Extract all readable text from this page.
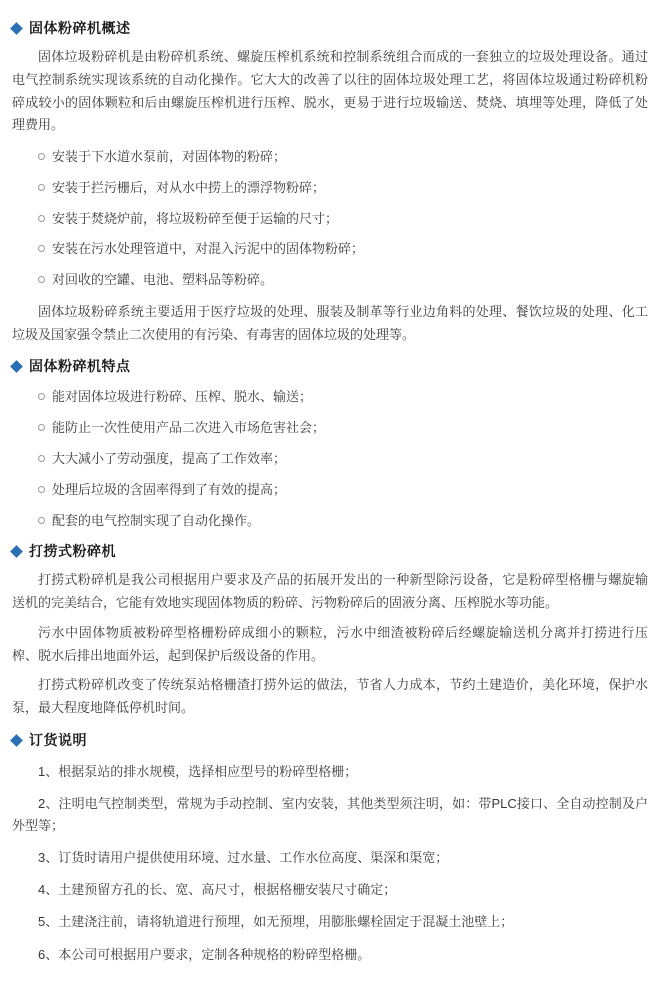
固体粉碎机概述

固体垃圾粉碎机是由粉碎机系统、螺旋压榨机系统和控制系统组合而成的一套独立的垃圾处理设备。通过电气控制系统实现该系统的自动化操作。它大大的改善了以往的固体垃圾处理工艺，将固体垃圾通过粉碎机粉碎成较小的固体颗粒和后由螺旋压榨机进行压榨、脱水，更易于进行垃圾输送、焚烧、填埋等处理，降低了处理费用。

安装于下水道水泵前，对固体物的粉碎；
安装于拦污栅后，对从水中捞上的漂浮物粉碎；
安装于焚烧炉前，将垃圾粉碎至便于运输的尺寸；
安装在污水处理管道中，对混入污泥中的固体物粉碎；
对回收的空罐、电池、塑料品等粉碎。

固体垃圾粉碎系统主要适用于医疗垃圾的处理、服装及制革等行业边角料的处理、餐饮垃圾的处理、化工垃圾及国家强令禁止二次使用的有污染、有毒害的固体垃圾的处理等。

固体粉碎机特点
能对固体垃圾进行粉碎、压榨、脱水、输送；
能防止一次性使用产品二次进入市场危害社会；
大大减小了劳动强度，提高了工作效率；
处理后垃圾的含固率得到了有效的提高；
配套的电气控制实现了自动化操作。
打捞式粉碎机

打捞式粉碎机是我公司根据用户要求及产品的拓展开发出的一种新型除污设备，它是粉碎型格栅与螺旋输送机的完美结合，它能有效地实现固体物质的粉碎、污物粉碎后的固液分离、压榨脱水等功能。

污水中固体物质被粉碎型格栅粉碎成细小的颗粒，污水中细渣被粉碎后经螺旋输送机分离并打捞进行压榨、脱水后排出地面外运，起到保护后级设备的作用。

打捞式粉碎机改变了传统泵站格栅渣打捞外运的做法，节省人力成本，节约土建造价，美化环境，保护水泵，最大程度地降低停机时间。

订货说明
1、根据泵站的排水规模，选择相应型号的粉碎型格栅；
2、注明电气控制类型，常规为手动控制、室内安装，其他类型须注明，如：带PLC接口、全自动控制及户外型等；
3、订货时请用户提供使用环境、过水量、工作水位高度、渠深和渠宽；
4、土建预留方孔的长、宽、高尺寸，根据格栅安装尺寸确定；
5、土建浇注前，请将轨道进行预埋，如无预埋，用膨胀螺栓固定于混凝土池壁上；
6、本公司可根据用户要求，定制各种规格的粉碎型格栅。
